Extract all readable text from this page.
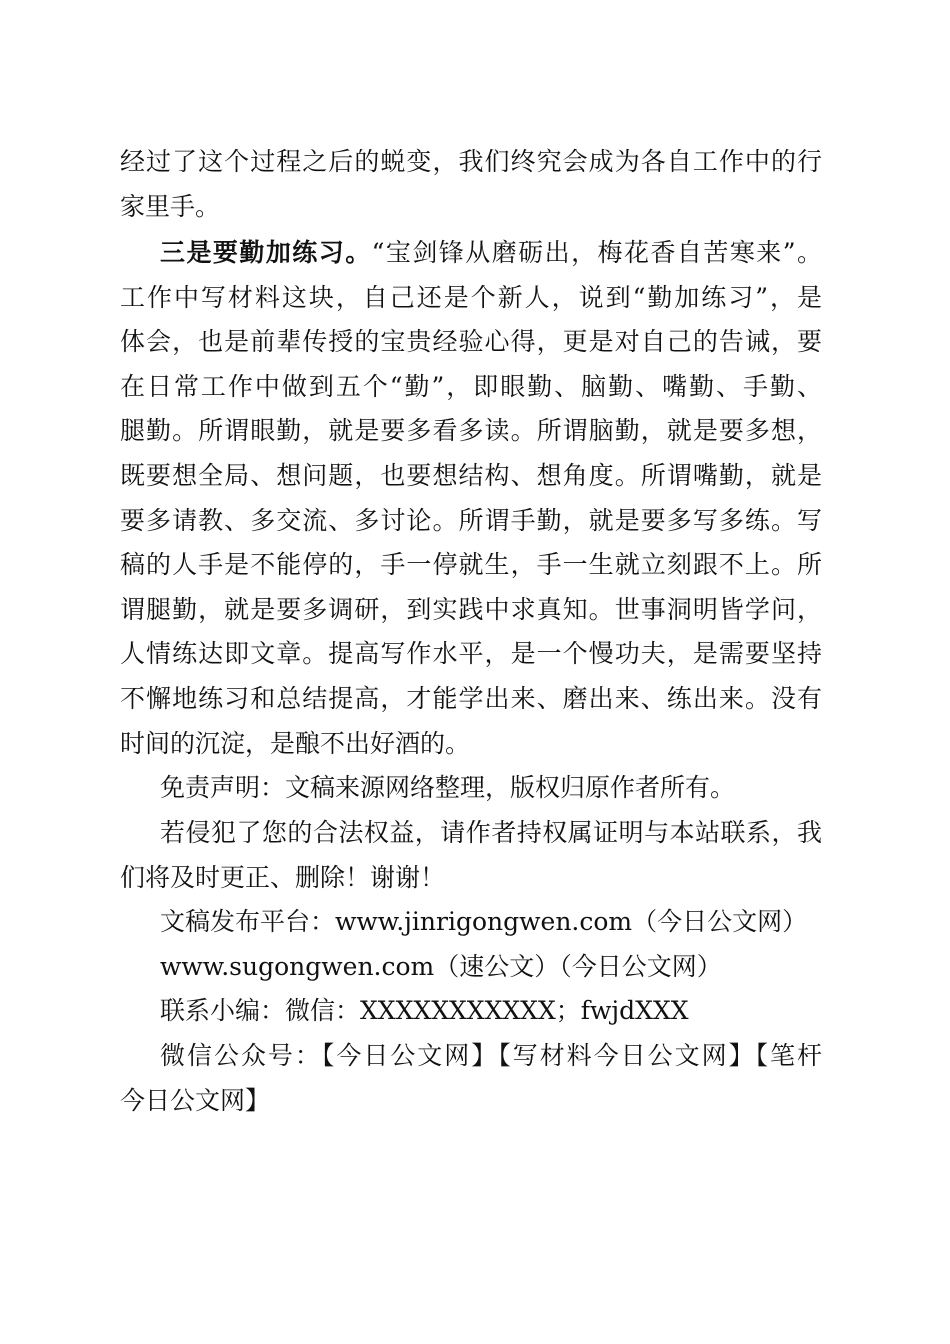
经过了这个过程之后的蜕变，我们终究会成为各自工作中的行
家里手。
三是要勤加练习。“宝剑锋从磨砺出，梅花香自苦寒来”。
工作中写材料这块，自己还是个新人，说到“勤加练习”，是
体会，也是前辈传授的宝贵经验心得，更是对自己的告诫，要
在日常工作中做到五个“勤”，即眼勤、脑勤、嘴勤、手勤、
腿勤。所谓眼勤，就是要多看多读。所谓脑勤，就是要多想，
既要想全局、想问题，也要想结构、想角度。所谓嘴勤，就是
要多请教、多交流、多讨论。所谓手勤，就是要多写多练。写
稿的人手是不能停的，手一停就生，手一生就立刻跟不上。所
谓腿勤，就是要多调研，到实践中求真知。世事洞明皆学问，
人情练达即文章。提高写作水平，是一个慢功夫，是需要坚持
不懈地练习和总结提高，才能学出来、磨出来、练出来。没有
时间的沉淀，是酿不出好酒的。
免责声明：文稿来源网络整理，版权归原作者所有。
若侵犯了您的合法权益，请作者持权属证明与本站联系，我
们将及时更正、删除！谢谢！
文稿发布平台：www.jinrigongwen.com（今日公文网）
www.sugongwen.com（速公文）（今日公文网）
联系小编：微信：XXXXXXXXXXX；fwjdXXX
微信公众号：【今日公文网】【写材料今日公文网】【笔杆
今日公文网】
